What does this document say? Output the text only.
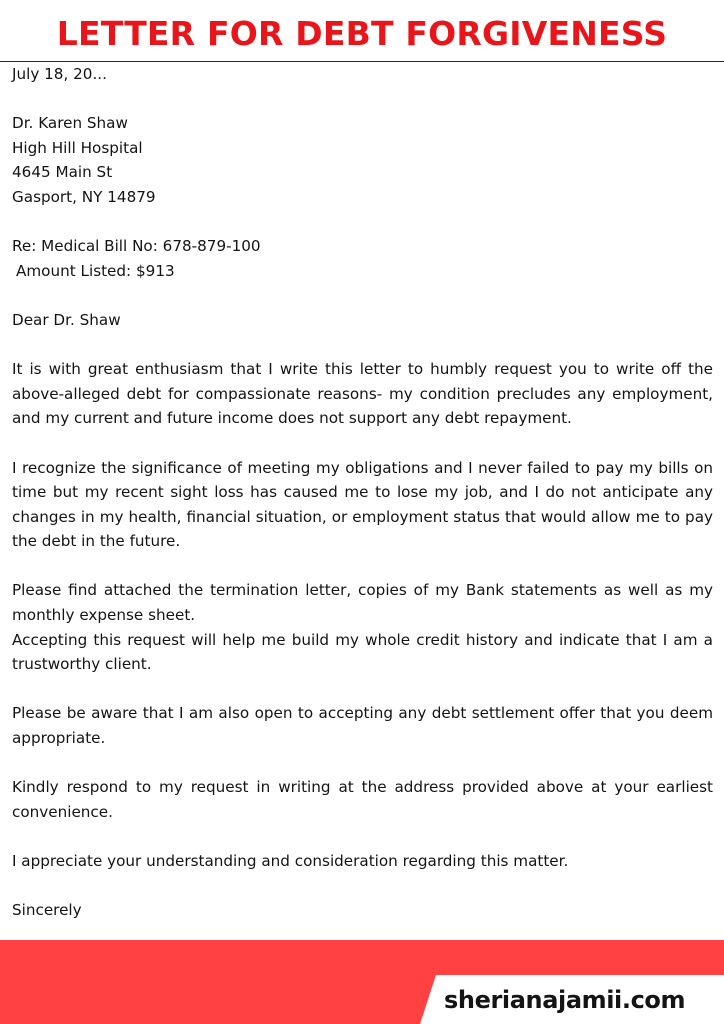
LETTER FOR DEBT FORGIVENESS
July 18, 20...
Dr. Karen Shaw
High Hill Hospital
4645 Main St
Gasport, NY 14879
Re: Medical Bill No: 678-879-100
Amount Listed: $913
Dear Dr. Shaw
It is with great enthusiasm that I write this letter to humbly request you to write off the above-alleged debt for compassionate reasons- my condition precludes any employment, and my current and future income does not support any debt repayment.
I recognize the significance of meeting my obligations and I never failed to pay my bills on time but my recent sight loss has caused me to lose my job, and I do not anticipate any changes in my health, financial situation, or employment status that would allow me to pay the debt in the future.
Please find attached the termination letter, copies of my Bank statements as well as my monthly expense sheet.
Accepting this request will help me build my whole credit history and indicate that I am a trustworthy client.
Please be aware that I am also open to accepting any debt settlement offer that you deem appropriate.
Kindly respond to my request in writing at the address provided above at your earliest convenience.
I appreciate your understanding and consideration regarding this matter.
Sincerely
sherianajamii.com
